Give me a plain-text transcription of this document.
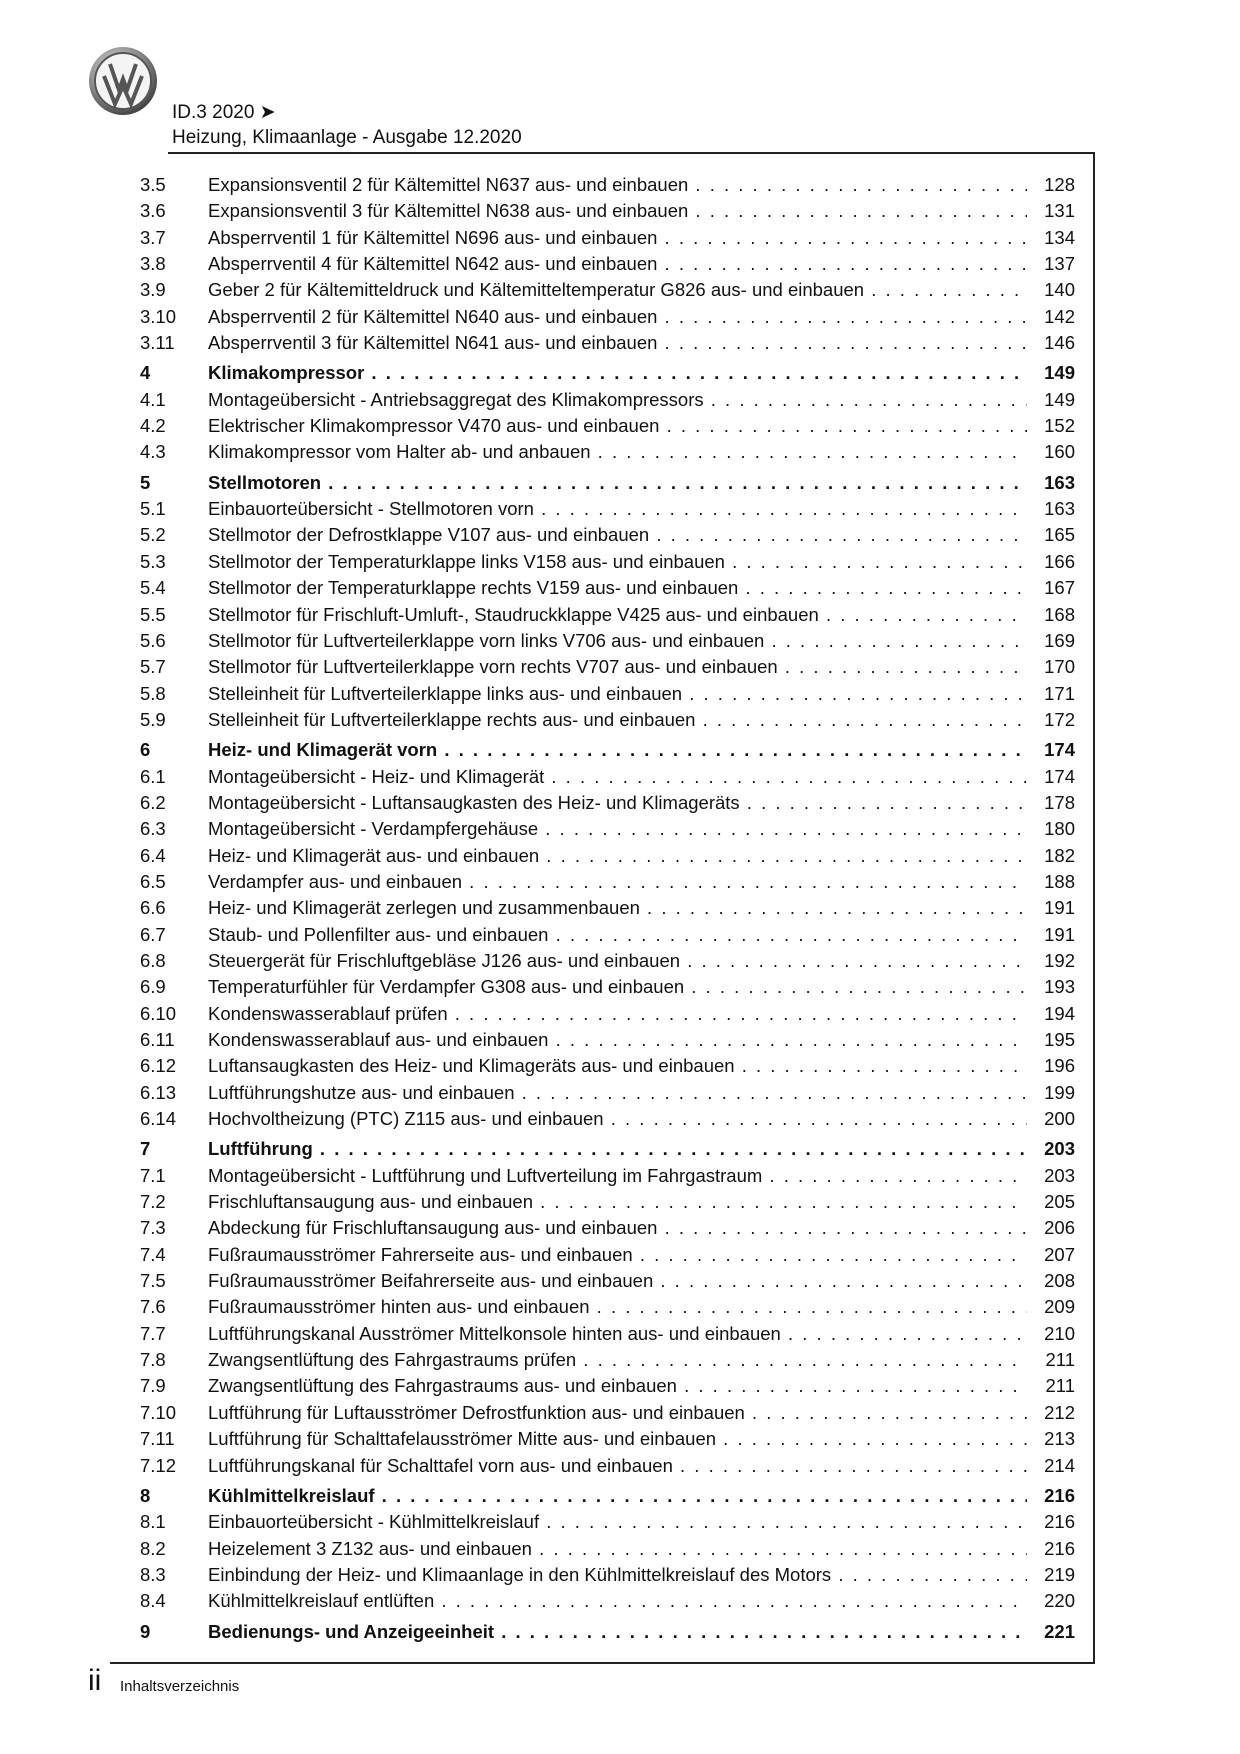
ID.3 2020 ➤
Heizung, Klimaanlage - Ausgabe 12.2020
3.5 Expansionsventil 2 für Kältemittel N637 aus- und einbauen . . .	128
3.6 Expansionsventil 3 für Kältemittel N638 aus- und einbauen . . .	131
3.7 Absperrventil 1 für Kältemittel N696 aus- und einbauen . . .	134
3.8 Absperrventil 4 für Kältemittel N642 aus- und einbauen . . .	137
3.9 Geber 2 für Kältemitteldruck und Kältemitteltemperatur G826 aus- und einbauen . . .	140
3.10 Absperrventil 2 für Kältemittel N640 aus- und einbauen . . .	142
3.11 Absperrventil 3 für Kältemittel N641 aus- und einbauen . . .	146
4	Klimakompressor . . .	149
4.1 Montageübersicht - Antriebsaggregat des Klimakompressors . . .	149
4.2 Elektrischer Klimakompressor V470 aus- und einbauen . . .	152
4.3 Klimakompressor vom Halter ab- und anbauen . . .	160
5	Stellmotoren . . .	163
5.1 Einbauorteübersicht - Stellmotoren vorn . . .	163
5.2 Stellmotor der Defrostklappe V107 aus- und einbauen . . .	165
5.3 Stellmotor der Temperaturklappe links V158 aus- und einbauen . . .	166
5.4 Stellmotor der Temperaturklappe rechts V159 aus- und einbauen . . .	167
5.5 Stellmotor für Frischluft-Umluft-, Staudruckklappe V425 aus- und einbauen . . .	168
5.6 Stellmotor für Luftverteilerklappe vorn links V706 aus- und einbauen . . .	169
5.7 Stellmotor für Luftverteilerklappe vorn rechts V707 aus- und einbauen . . .	170
5.8 Stelleinheit für Luftverteilerklappe links aus- und einbauen . . .	171
5.9 Stelleinheit für Luftverteilerklappe rechts aus- und einbauen . . .	172
6	Heiz- und Klimagerät vorn . . .	174
6.1 Montageübersicht - Heiz- und Klimagerät . . .	174
6.2 Montageübersicht - Luftansaugkasten des Heiz- und Klimageräts . . .	178
6.3 Montageübersicht - Verdampfergehäuse . . .	180
6.4 Heiz- und Klimagerät aus- und einbauen . . .	182
6.5 Verdampfer aus- und einbauen . . .	188
6.6 Heiz- und Klimagerät zerlegen und zusammenbauen . . .	191
6.7 Staub- und Pollenfilter aus- und einbauen . . .	191
6.8 Steuergerät für Frischluftgebläse J126 aus- und einbauen . . .	192
6.9 Temperaturfühler für Verdampfer G308 aus- und einbauen . . .	193
6.10 Kondenswasserablauf prüfen . . .	194
6.11 Kondenswasserablauf aus- und einbauen . . .	195
6.12 Luftansaugkasten des Heiz- und Klimageräts aus- und einbauen . . .	196
6.13 Luftführungshutze aus- und einbauen . . .	199
6.14 Hochvoltheizung (PTC) Z115 aus- und einbauen . . .	200
7	Luftführung . . .	203
7.1 Montageübersicht - Luftführung und Luftverteilung im Fahrgastraum . . .	203
7.2 Frischluftansaugung aus- und einbauen . . .	205
7.3 Abdeckung für Frischluftansaugung aus- und einbauen . . .	206
7.4 Fußraumausströmer Fahrerseite aus- und einbauen . . .	207
7.5 Fußraumausströmer Beifahrerseite aus- und einbauen . . .	208
7.6 Fußraumausströmer hinten aus- und einbauen . . .	209
7.7 Luftführungskanal Ausströmer Mittelkonsole hinten aus- und einbauen . . .	210
7.8 Zwangsentlüftung des Fahrgastraums prüfen . . .	211
7.9 Zwangsentlüftung des Fahrgastraums aus- und einbauen . . .	211
7.10 Luftführung für Luftausströmer Defrostfunktion aus- und einbauen . . .	212
7.11 Luftführung für Schalttafelausströmer Mitte aus- und einbauen . . .	213
7.12 Luftführungskanal für Schalttafel vorn aus- und einbauen . . .	214
8	Kühlmittelkreislauf . . .	216
8.1 Einbauorteübersicht - Kühlmittelkreislauf . . .	216
8.2 Heizelement 3 Z132 aus- und einbauen . . .	216
8.3 Einbindung der Heiz- und Klimaanlage in den Kühlmittelkreislauf des Motors . . .	219
8.4 Kühlmittelkreislauf entlüften . . .	220
9	Bedienungs- und Anzeigeeinheit . . .	221
ii Inhaltsverzeichnis
